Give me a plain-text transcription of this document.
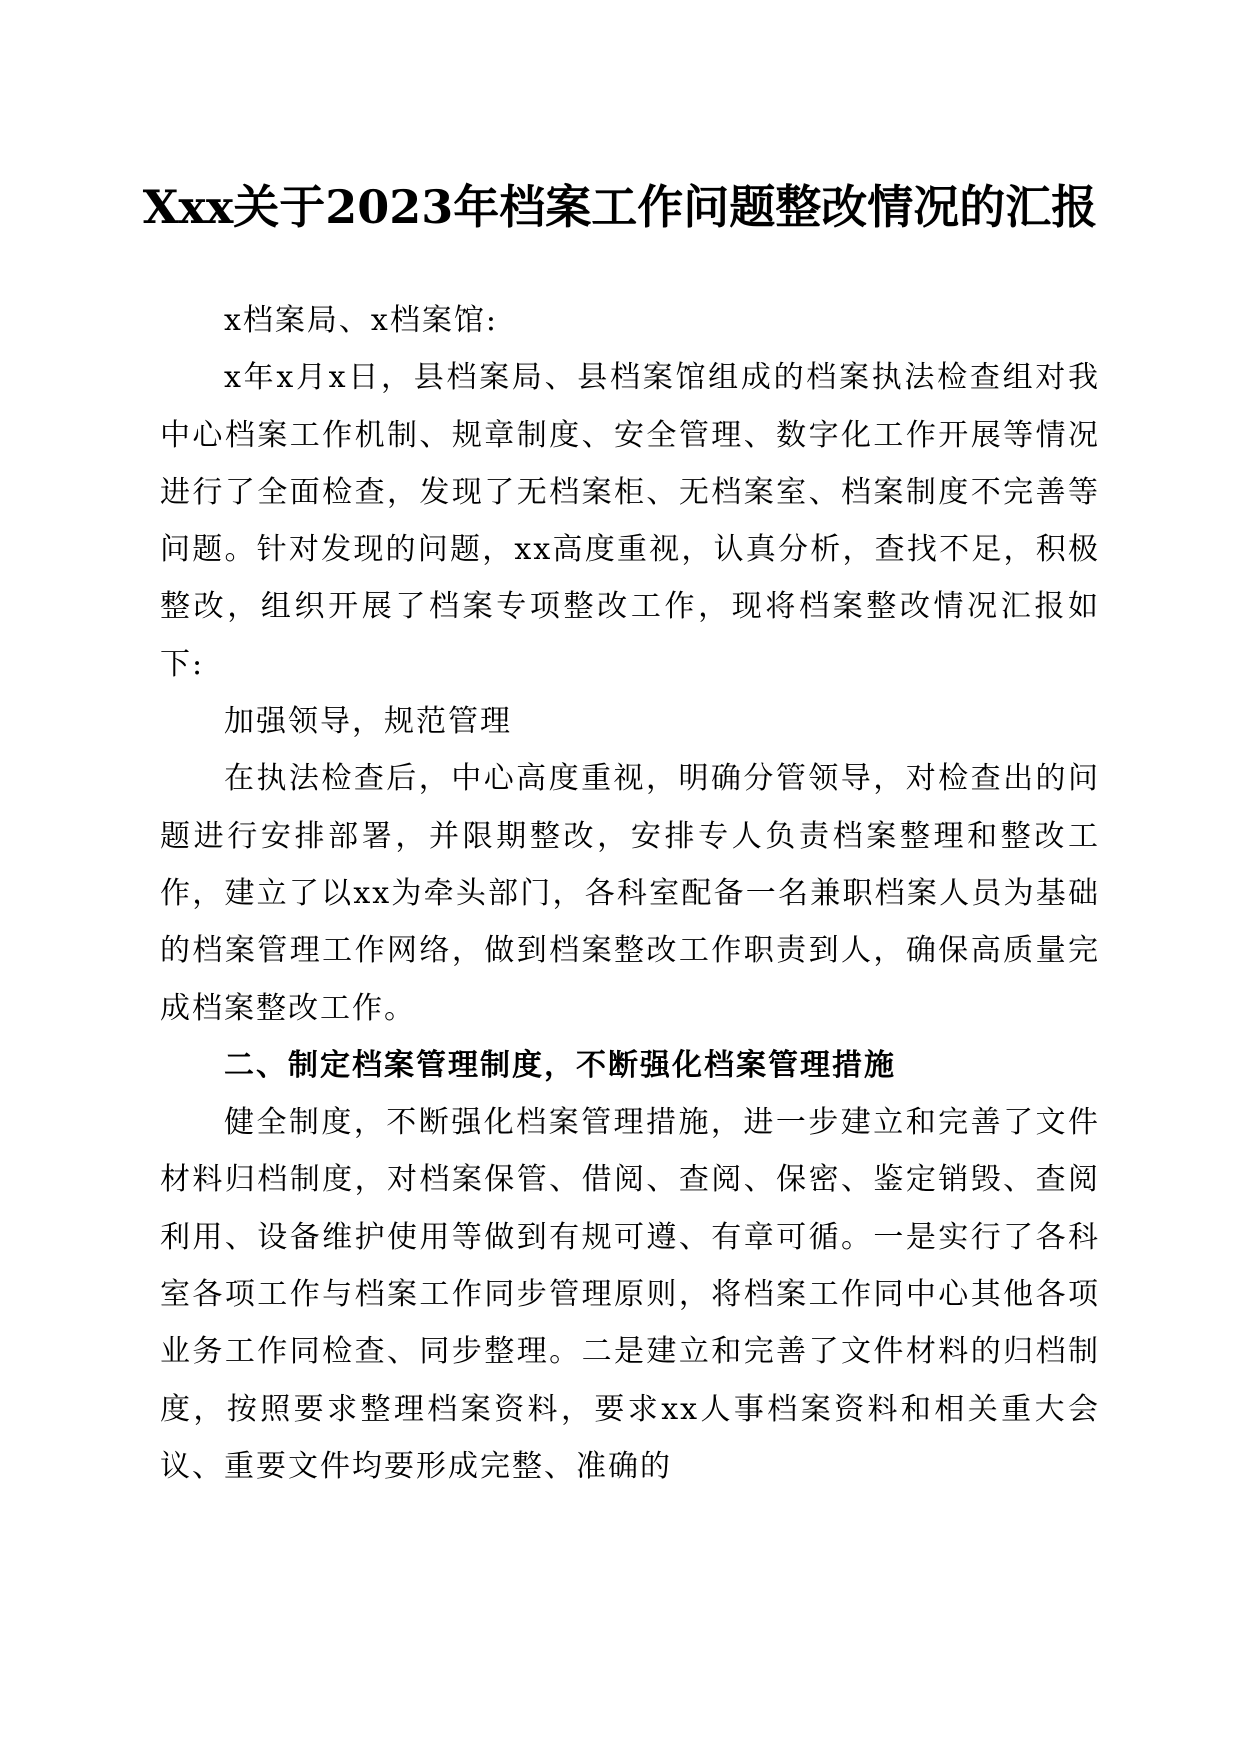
Xxx关于2023年档案工作问题整改情况的汇报

x档案局、x档案馆:

x年x月x日，县档案局、县档案馆组成的档案执法检查组对我中心档案工作机制、规章制度、安全管理、数字化工作开展等情况进行了全面检查，发现了无档案柜、无档案室、档案制度不完善等问题。针对发现的问题，xx高度重视，认真分析，查找不足，积极整改，组织开展了档案专项整改工作，现将档案整改情况汇报如下:

加强领导，规范管理

在执法检查后，中心高度重视，明确分管领导，对检查出的问题进行安排部署，并限期整改，安排专人负责档案整理和整改工作，建立了以xx为牵头部门，各科室配备一名兼职档案人员为基础的档案管理工作网络，做到档案整改工作职责到人，确保高质量完成档案整改工作。

二、制定档案管理制度，不断强化档案管理措施

健全制度，不断强化档案管理措施，进一步建立和完善了文件材料归档制度，对档案保管、借阅、查阅、保密、鉴定销毁、查阅利用、设备维护使用等做到有规可遵、有章可循。一是实行了各科室各项工作与档案工作同步管理原则，将档案工作同中心其他各项业务工作同检查、同步整理。二是建立和完善了文件材料的归档制度，按照要求整理档案资料，要求xx人事档案资料和相关重大会议、重要文件均要形成完整、准确的
